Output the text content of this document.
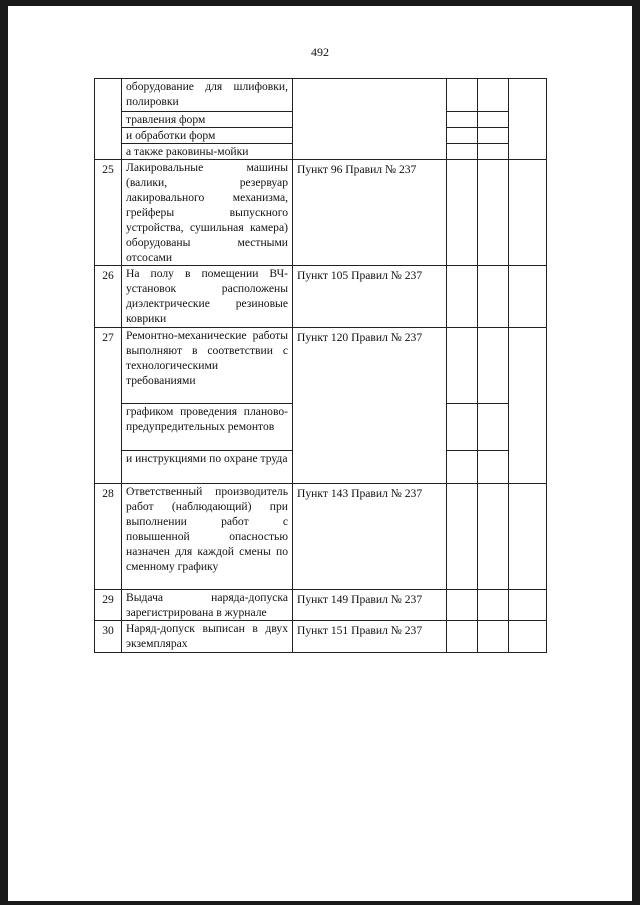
492
	оборудование для шлифовки, полировки				
	травления форм				
	и обработки форм				
	а также раковины-мойки				
25	Лакировальные машины (валики, резервуар лакировального механизма, грейферы выпускного устройства, сушильная камера) оборудованы местными отсосами	Пункт 96 Правил № 237			
26	На полу в помещении ВЧ-установок расположены диэлектрические резиновые коврики	Пункт 105 Правил № 237			
27	Ремонтно-механические работы выполняют в соответствии с технологическими требованиями	Пункт 120 Правил № 237			
	графиком проведения планово-предупредительных ремонтов				
	и инструкциями по охране труда				
28	Ответственный производитель работ (наблюдающий) при выполнении работ с повышенной опасностью назначен для каждой смены по сменному графику	Пункт 143 Правил № 237			
29	Выдача наряда-допуска зарегистрирована в журнале	Пункт 149 Правил № 237			
30	Наряд-допуск выписан в двух экземплярах	Пункт 151 Правил № 237			
